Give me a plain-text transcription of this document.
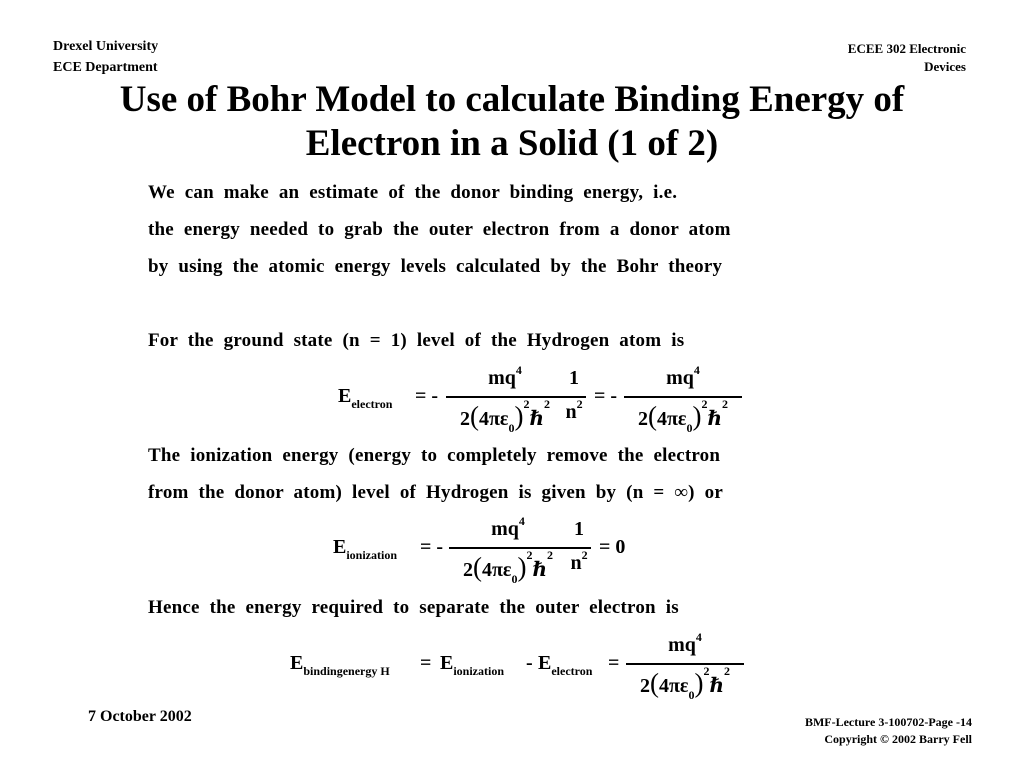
Drexel University
ECE Department
ECEE 302 Electronic
Devices
Use of Bohr Model to calculate Binding Energy of
Electron in a Solid (1 of 2)
We can make an estimate of the donor binding energy, i.e.
the energy needed to grab the outer electron from a donor atom
by using the atomic energy levels calculated by the Bohr theory
For the ground state (n = 1) level of the Hydrogen atom is
$E_{electron}$ = -
$mq^4$
$2(4\pi\varepsilon_0)^2\hbar^2$
1
$n^2$ = -
$mq^4$
$2(4\pi\varepsilon_0)^2\hbar^2$
The ionization energy (energy to completely remove the electron
from the donor atom) level of Hydrogen is given by (n = ∞) or
$E_{ionization}$ = -
$mq^4$
$2(4\pi\varepsilon_0)^2\hbar^2$
1
$n^2 = 0$
Hence the energy required to separate the outer electron is
$E_{bindingenergy H} = E_{ionization} - E_{electron}$ =
$mq^4$
$2(4\pi\varepsilon_0)^2\hbar^2$
7 October 2002	BMF-Lecture 3-100702-Page -14
Copyright © 2002 Barry Fell
